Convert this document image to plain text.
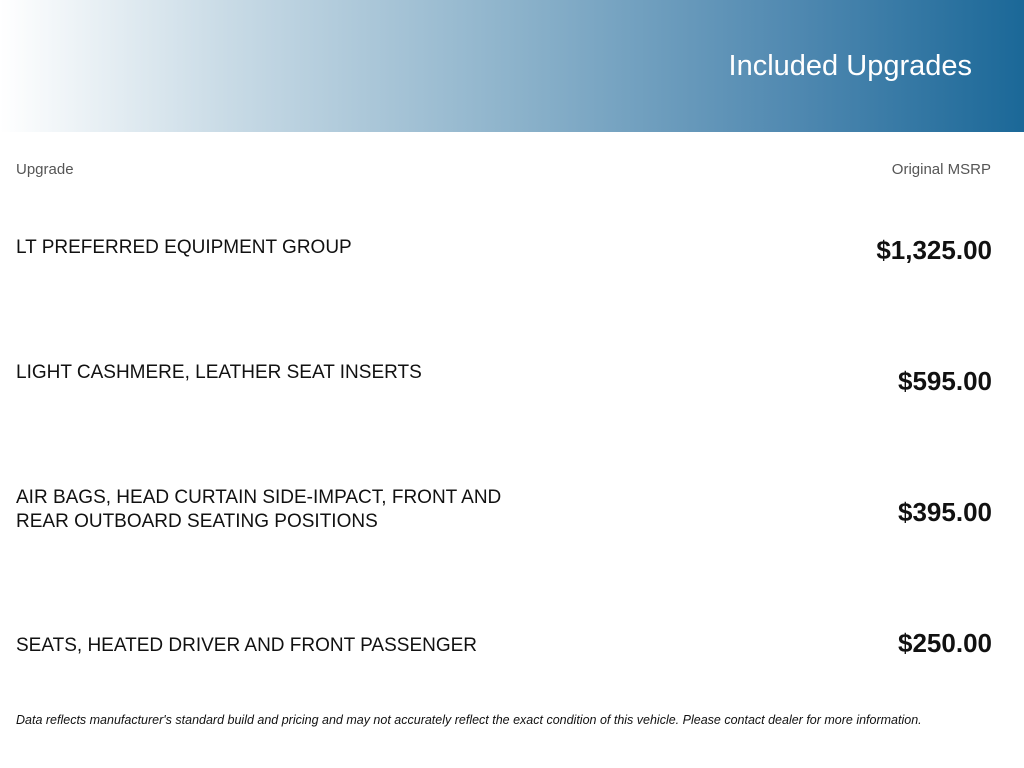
Included Upgrades
Upgrade	Original MSRP
LT PREFERRED EQUIPMENT GROUP	$1,325.00
LIGHT CASHMERE, LEATHER SEAT INSERTS	$595.00
AIR BAGS, HEAD CURTAIN SIDE-IMPACT, FRONT AND REAR OUTBOARD SEATING POSITIONS	$395.00
SEATS, HEATED DRIVER AND FRONT PASSENGER	$250.00
Data reflects manufacturer's standard build and pricing and may not accurately reflect the exact condition of this vehicle. Please contact dealer for more information.
